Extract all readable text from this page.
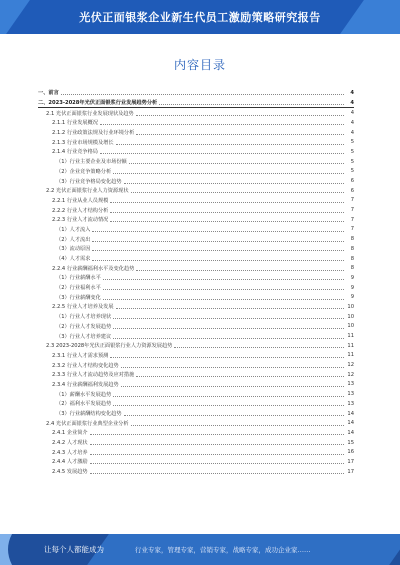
光伏正面银浆企业新生代员工激励策略研究报告
内容目录
一、前言	4
二、2023-2028年光伏正面银浆行业发展趋势分析	4
2.1 光伏正面银浆行业发展现状及趋势	4
2.1.1 行业发展概况	4
2.1.2 行业政策法规及行业环境分析	4
2.1.3 行业市场规模及增长	5
2.1.4 行业竞争格局	5
（1）行业主要企业及市场份额	5
（2）企业竞争策略分析	5
（3）行业竞争格局变化趋势	6
2.2 光伏正面银浆行业人力资源现状	6
2.2.1 行业从业人员规模	7
2.2.2 行业人才结构分析	7
2.2.3 行业人才流动情况	7
（1）人才流入	7
（2）人才流出	8
（3）流动原因	8
（4）人才需求	8
2.2.4 行业薪酬福利水平及变化趋势	8
（1）行业薪酬水平	9
（2）行业福利水平	9
（3）行业薪酬变化	9
2.2.5 行业人才培养及发展	10
（1）行业人才培养现状	10
（2）行业人才发展趋势	10
（3）行业人才培养建议	11
2.3 2023-2028年光伏正面银浆行业人力资源发展趋势	11
2.3.1 行业人才需求预测	11
2.3.2 行业人才结构变化趋势	12
2.3.3 行业人才流动趋势及应对措施	12
2.3.4 行业薪酬福利发展趋势	13
（1）薪酬水平发展趋势	13
（2）福利水平发展趋势	13
（3）行业薪酬结构变化趋势	14
2.4 光伏正面银浆行业典型企业分析	14
2.4.1 企业简介	14
2.4.2 人才现状	15
2.4.3 人才培养	16
2.4.4 人才激励	17
2.4.5 发展趋势	17
让每个人都能成为	行业专家，管理专家，营销专家，战略专家，成功企业家……
